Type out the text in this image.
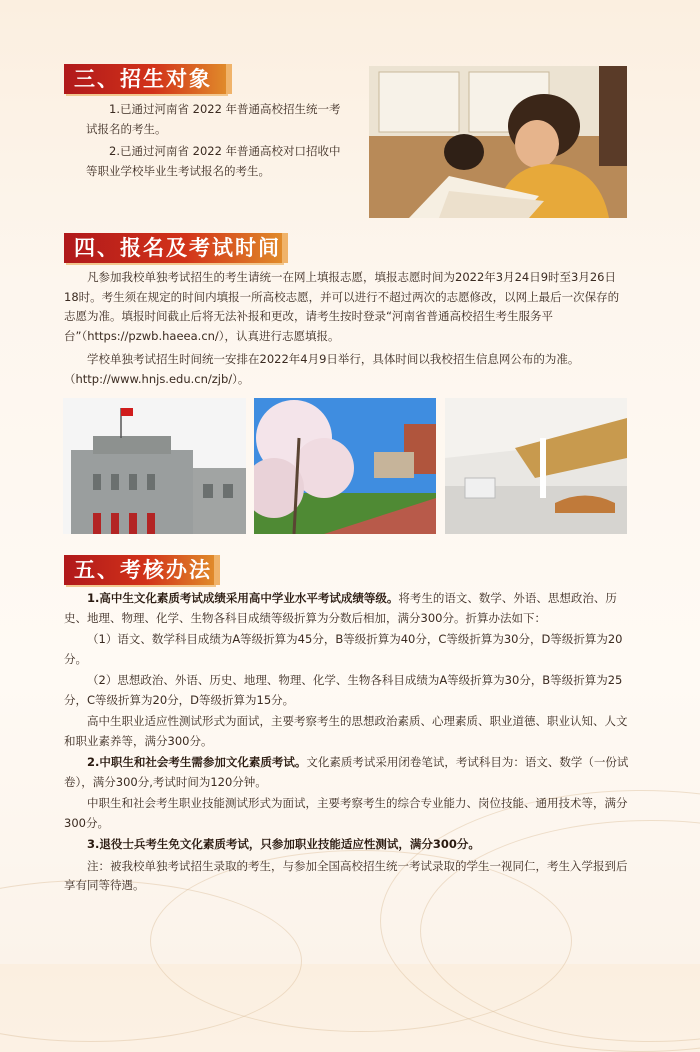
三、招生对象

1.已通过河南省 2022 年普通高校招生统一考试报名的考生。

2.已通过河南省 2022 年普通高校对口招收中等职业学校毕业生考试报名的考生。

四、报名及考试时间

凡参加我校单独考试招生的考生请统一在网上填报志愿，填报志愿时间为2022年3月24日9时至3月26日18时。考生须在规定的时间内填报一所高校志愿，并可以进行不超过两次的志愿修改，以网上最后一次保存的志愿为准。填报时间截止后将无法补报和更改，请考生按时登录“河南省普通高校招生考生服务平台”（https://pzwb.haeea.cn/），认真进行志愿填报。

学校单独考试招生时间统一安排在2022年4月9日举行，具体时间以我校招生信息网公布的为准。（http://www.hnjs.edu.cn/zjb/）。

五、考核办法

1.高中生文化素质考试成绩采用高中学业水平考试成绩等级。将考生的语文、数学、外语、思想政治、历史、地理、物理、化学、生物各科目成绩等级折算为分数后相加，满分300分。折算办法如下：

（1）语文、数学科目成绩为A等级折算为45分，B等级折算为40分，C等级折算为30分，D等级折算为20分。

（2）思想政治、外语、历史、地理、物理、化学、生物各科目成绩为A等级折算为30分，B等级折算为25分，C等级折算为20分，D等级折算为15分。

高中生职业适应性测试形式为面试，主要考察考生的思想政治素质、心理素质、职业道德、职业认知、人文和职业素养等，满分300分。

2.中职生和社会考生需参加文化素质考试。文化素质考试采用闭卷笔试，考试科目为：语文、数学（一份试卷），满分300分,考试时间为120分钟。

中职生和社会考生职业技能测试形式为面试，主要考察考生的综合专业能力、岗位技能、通用技术等，满分300分。

3.退役士兵考生免文化素质考试，只参加职业技能适应性测试，满分300分。

注：被我校单独考试招生录取的考生，与参加全国高校招生统一考试录取的学生一视同仁，考生入学报到后享有同等待遇。
